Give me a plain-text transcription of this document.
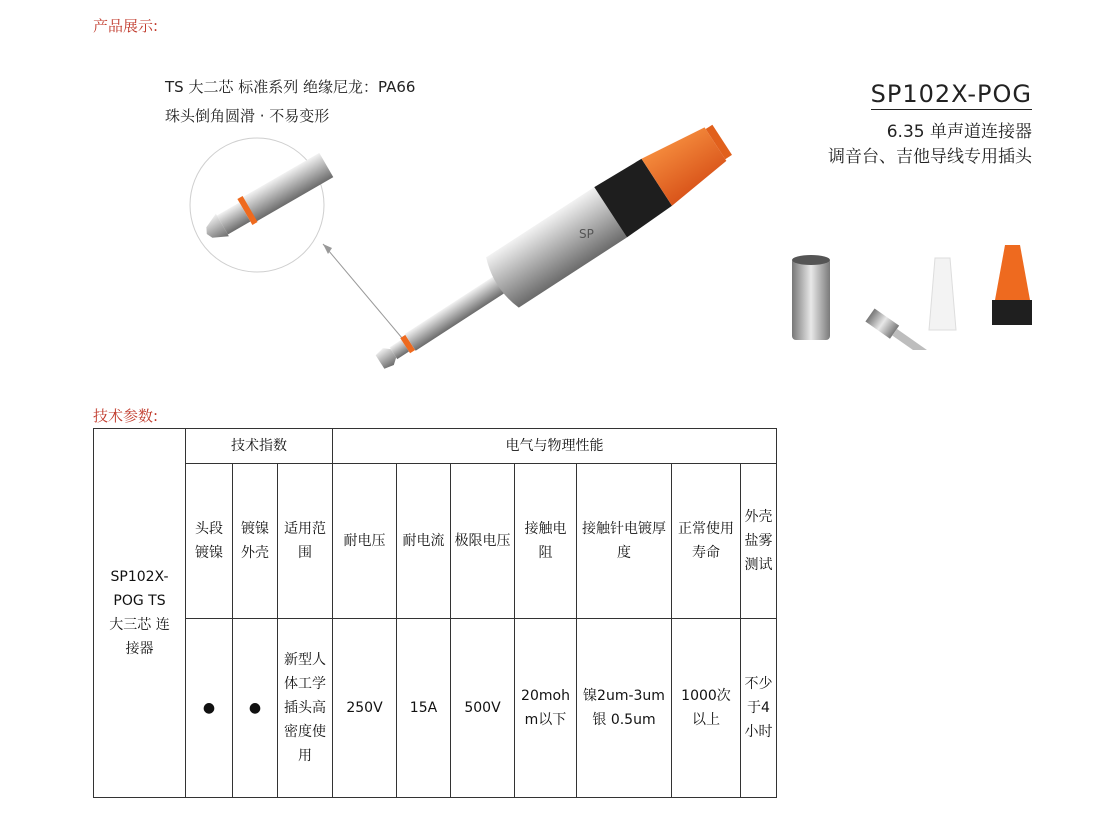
产品展示:
TS 大二芯 标准系列 绝缘尼龙：PA66
珠头倒角圆滑 · 不易变形
SP102X-POG
6.35 单声道连接器
调音台、吉他导线专用插头
SP
技术参数:
SP102X-POG TS 大三芯 连接器	技术指数			电气与物理性能						
	头段镀镍	镀镍外壳	适用范围	耐电压	耐电流	极限电压	接触电阻	接触针电镀厚度	正常使用寿命	外壳盐雾测试
	●	●	新型人体工学插头高密度使用	250V	15A	500V	20mohm以下	镍2um-3um 银 0.5um	1000次以上	不少于4小时
